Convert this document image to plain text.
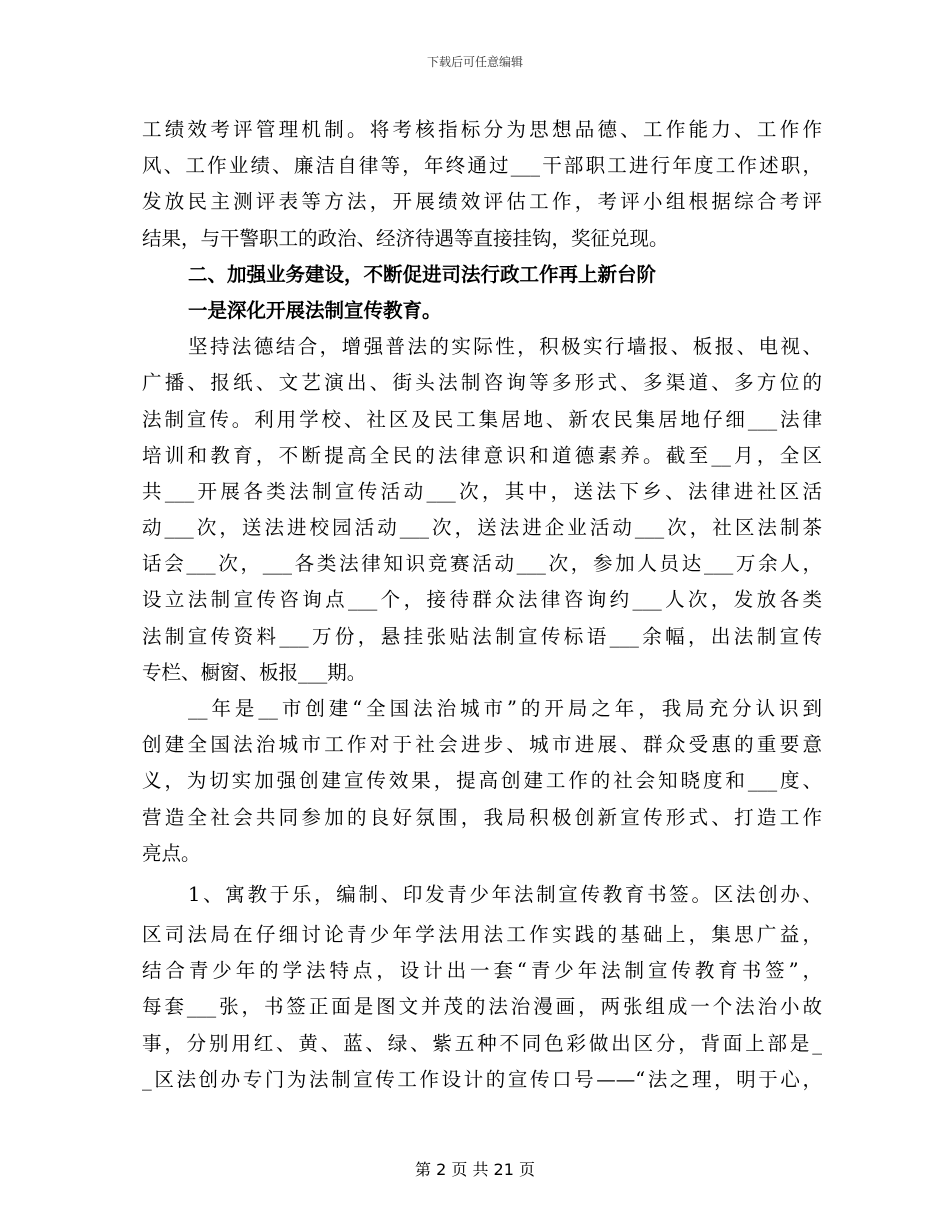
下载后可任意编辑
工绩效考评管理机制。将考核指标分为思想品德、工作能力、工作作
风、工作业绩、廉洁自律等，年终通过___干部职工进行年度工作述职，
发放民主测评表等方法，开展绩效评估工作，考评小组根据综合考评
结果，与干警职工的政治、经济待遇等直接挂钩，奖征兑现。
二、加强业务建设，不断促进司法行政工作再上新台阶
一是深化开展法制宣传教育。
坚持法德结合，增强普法的实际性，积极实行墙报、板报、电视、
广播、报纸、文艺演出、街头法制咨询等多形式、多渠道、多方位的
法制宣传。利用学校、社区及民工集居地、新农民集居地仔细___法律
培训和教育，不断提高全民的法律意识和道德素养。截至__月，全区
共___开展各类法制宣传活动___次，其中，送法下乡、法律进社区活
动___次，送法进校园活动___次，送法进企业活动___次，社区法制茶
话会___次，___各类法律知识竞赛活动___次，参加人员达___万余人，
设立法制宣传咨询点___个，接待群众法律咨询约___人次，发放各类
法制宣传资料___万份，悬挂张贴法制宣传标语___余幅，出法制宣传
专栏、橱窗、板报___期。
__年是__市创建“全国法治城市”的开局之年，我局充分认识到
创建全国法治城市工作对于社会进步、城市进展、群众受惠的重要意
义，为切实加强创建宣传效果，提高创建工作的社会知晓度和___度、
营造全社会共同参加的良好氛围，我局积极创新宣传形式、打造工作
亮点。
1、寓教于乐，编制、印发青少年法制宣传教育书签。区法创办、
区司法局在仔细讨论青少年学法用法工作实践的基础上，集思广益，
结合青少年的学法特点，设计出一套“青少年法制宣传教育书签”，
每套___张，书签正面是图文并茂的法治漫画，两张组成一个法治小故
事，分别用红、黄、蓝、绿、紫五种不同色彩做出区分，背面上部是_
_区法创办专门为法制宣传工作设计的宣传口号——“法之理，明于心，
第 2 页 共 21 页
